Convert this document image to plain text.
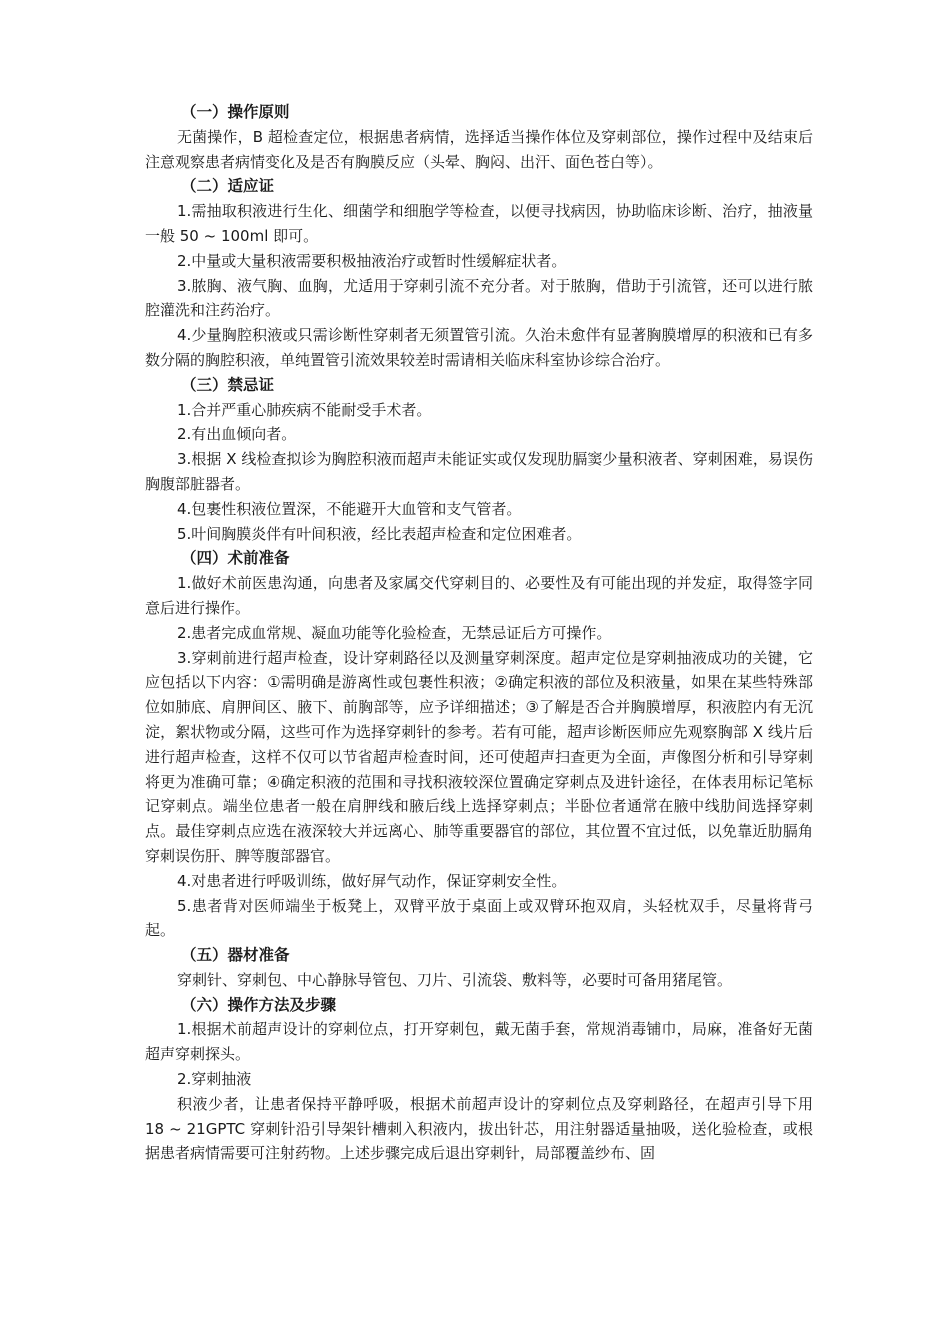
（一）操作原则

无菌操作，B 超检查定位，根据患者病情，选择适当操作体位及穿刺部位，操作过程中及结束后注意观察患者病情变化及是否有胸膜反应（头晕、胸闷、出汗、面色苍白等）。

（二）适应证

1.需抽取积液进行生化、细菌学和细胞学等检查，以便寻找病因，协助临床诊断、治疗，抽液量一般 50 ~ 100ml 即可。

2.中量或大量积液需要积极抽液治疗或暂时性缓解症状者。

3.脓胸、液气胸、血胸，尤适用于穿刺引流不充分者。对于脓胸，借助于引流管，还可以进行脓腔灌洗和注药治疗。

4.少量胸腔积液或只需诊断性穿刺者无须置管引流。久治未愈伴有显著胸膜增厚的积液和已有多数分隔的胸腔积液，单纯置管引流效果较差时需请相关临床科室协诊综合治疗。

（三）禁忌证

1.合并严重心肺疾病不能耐受手术者。

2.有出血倾向者。

3.根据 X 线检查拟诊为胸腔积液而超声未能证实或仅发现肋膈窦少量积液者、穿刺困难，易误伤胸腹部脏器者。

4.包裹性积液位置深，不能避开大血管和支气管者。

5.叶间胸膜炎伴有叶间积液，经比表超声检查和定位困难者。

（四）术前准备

1.做好术前医患沟通，向患者及家属交代穿刺目的、必要性及有可能出现的并发症，取得签字同意后进行操作。

2.患者完成血常规、凝血功能等化验检查，无禁忌证后方可操作。

3.穿刺前进行超声检查，设计穿刺路径以及测量穿刺深度。超声定位是穿刺抽液成功的关键，它应包括以下内容：①需明确是游离性或包裹性积液；②确定积液的部位及积液量，如果在某些特殊部位如肺底、肩胛间区、腋下、前胸部等，应予详细描述；③了解是否合并胸膜增厚，积液腔内有无沉淀，絮状物或分隔，这些可作为选择穿刺针的参考。若有可能，超声诊断医师应先观察胸部 X 线片后进行超声检查，这样不仅可以节省超声检查时间，还可使超声扫查更为全面，声像图分析和引导穿刺将更为准确可靠；④确定积液的范围和寻找积液较深位置确定穿刺点及进针途径，在体表用标记笔标记穿刺点。端坐位患者一般在肩胛线和腋后线上选择穿刺点；半卧位者通常在腋中线肋间选择穿刺点。最佳穿刺点应选在液深较大并远离心、肺等重要器官的部位，其位置不宜过低，以免靠近肋膈角穿刺误伤肝、脾等腹部器官。

4.对患者进行呼吸训练，做好屏气动作，保证穿刺安全性。

5.患者背对医师端坐于板凳上，双臂平放于桌面上或双臂环抱双肩，头轻枕双手，尽量将背弓起。

（五）器材准备

穿刺针、穿刺包、中心静脉导管包、刀片、引流袋、敷料等，必要时可备用猪尾管。

（六）操作方法及步骤

1.根据术前超声设计的穿刺位点，打开穿刺包，戴无菌手套，常规消毒铺巾，局麻，准备好无菌超声穿刺探头。

2.穿刺抽液

积液少者，让患者保持平静呼吸，根据术前超声设计的穿刺位点及穿刺路径，在超声引导下用 18 ~ 21GPTC 穿刺针沿引导架针槽刺入积液内，拔出针芯，用注射器适量抽吸，送化验检查，或根据患者病情需要可注射药物。上述步骤完成后退出穿刺针，局部覆盖纱布、固
